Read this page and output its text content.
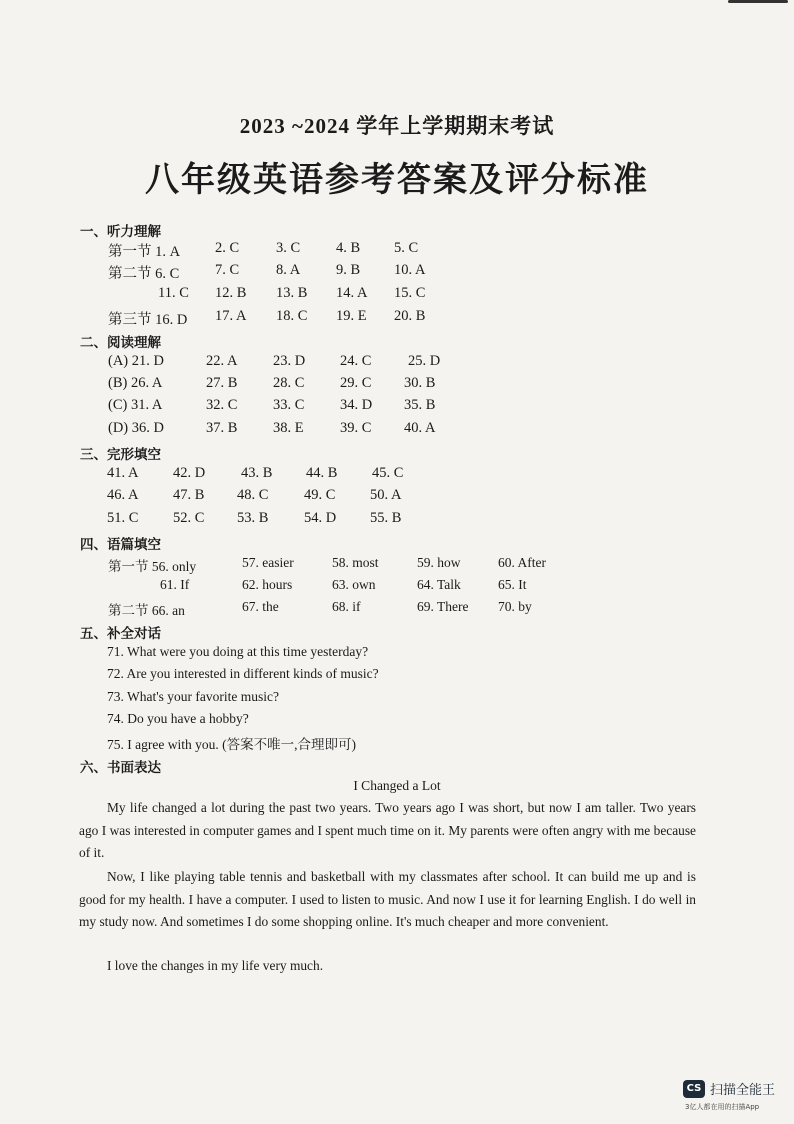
2023 ~2024 学年上学期期末考试
八年级英语参考答案及评分标准
一、听力理解
第一节 1. A 2. C	3. C 4. B 5. C
第二节 6. C 7. C	8. A 9. B 10. A
11. C 12. B 13. B 14. A 15. C
第三节 16. D 17. A 18. C 19. E 20. B
二、阅读理解
(A) 21. D	22. A 23. D 24. C	25. D
(B) 26. A	27. B 28. C 29. C 30. B
(C) 31. A	32. C 33. C 34. D 35. B
(D) 36. D	37. B 38. E	39. C 40. A
三、完形填空
41. A 42. D 43. B 44. B 45. C
46. A 47. B 48. C 49. C 50. A
51. C 52. C 53. B 54. D 55. B
四、语篇填空
第一节 56. only	57. easier	58. most	59. how	60. After
61. If	62. hours	63. own	64. Talk	65. It
第二节 66. an	67. the	68. if	69. There 70. by
五、补全对话
71. What were you doing at this time yesterday?
72. Are you interested in different kinds of music?
73. What's your favorite music?
74. Do you have a hobby?
75. I agree with you. (答案不唯一,合理即可)
六、书面表达
I Changed a Lot

My life changed a lot during the past two years. Two years ago I was short, but now I am taller. Two years ago I was interested in computer games and I spent much time on it. My parents were often angry with me because of it.

Now, I like playing table tennis and basketball with my classmates after school. It can build me up and is good for my health. I have a computer. I used to listen to music. And now I use it for learning English. I do well in my study now. And sometimes I do some shopping online. It's much cheaper and more convenient.

I love the changes in my life very much.

CS 扫描全能王
3亿人都在用的扫描App
